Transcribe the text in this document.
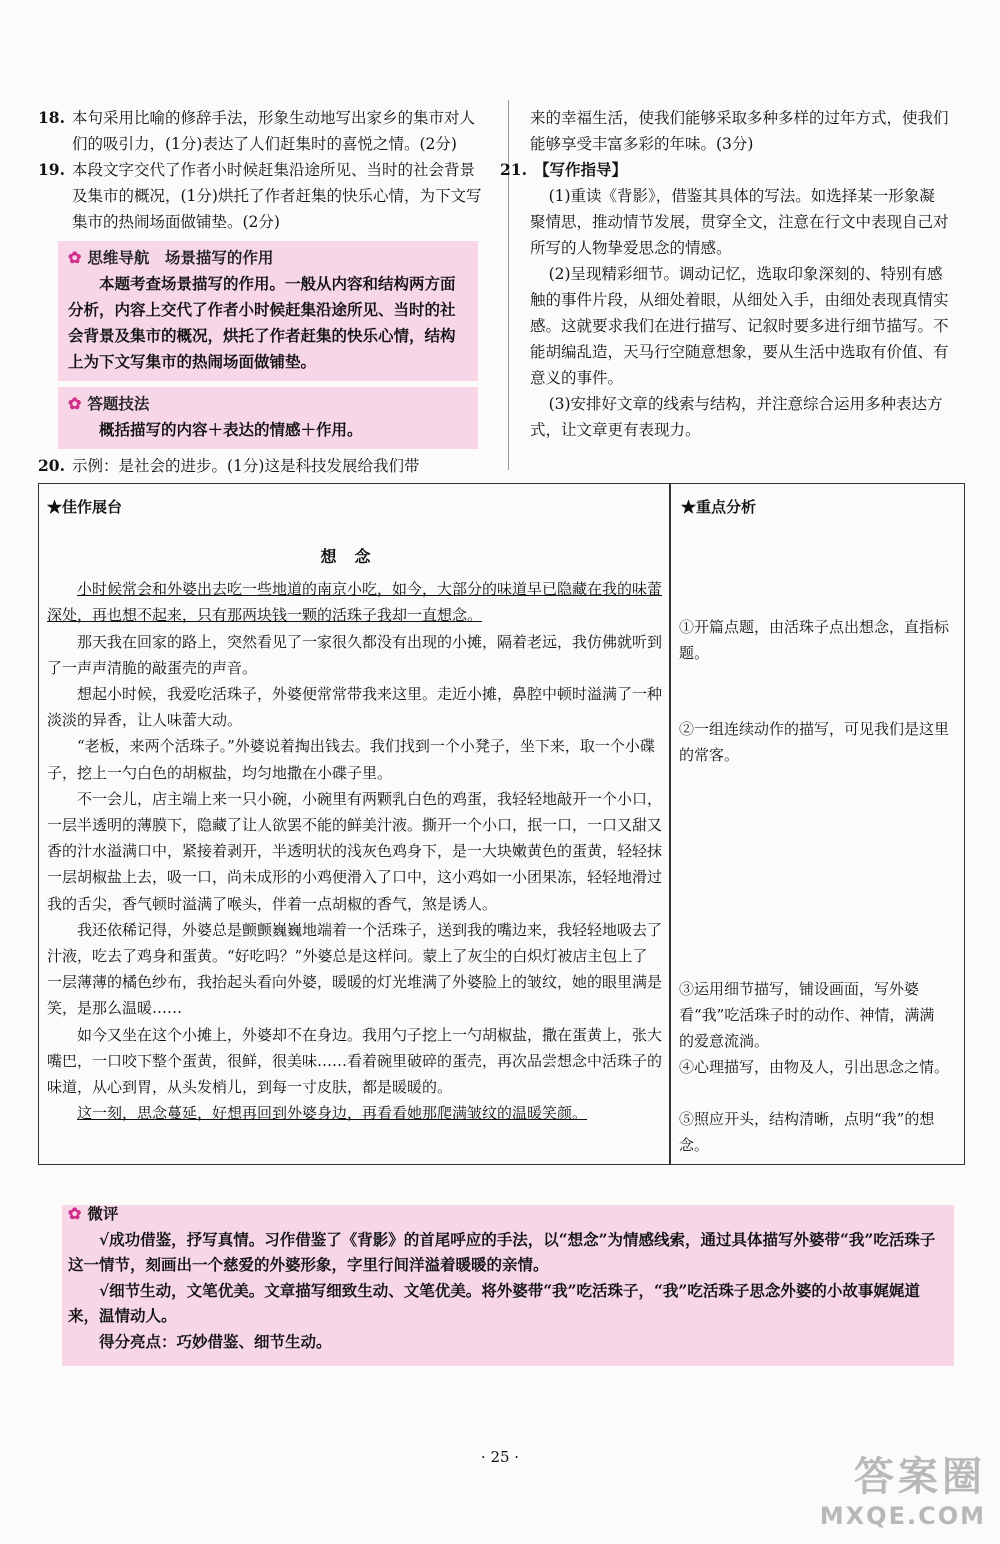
18. 本句采用比喻的修辞手法，形象生动地写出家乡的集市对人们的吸引力，(1分)表达了人们赶集时的喜悦之情。(2分)
19. 本段文字交代了作者小时候赶集沿途所见、当时的社会背景及集市的概况，(1分)烘托了作者赶集的快乐心情，为下文写集市的热闹场面做铺垫。(2分)
✿ 思维导航　场景描写的作用
本题考查场景描写的作用。一般从内容和结构两方面分析，内容上交代了作者小时候赶集沿途所见、当时的社会背景及集市的概况，烘托了作者赶集的快乐心情，结构上为下文写集市的热闹场面做铺垫。
✿ 答题技法
概括描写的内容＋表达的情感＋作用。
20. 示例：是社会的进步。(1分)这是科技发展给我们带

来的幸福生活，使我们能够采取多种多样的过年方式，使我们能够享受丰富多彩的年味。(3分)

21. 【写作指导】

(1)重读《背影》，借鉴其具体的写法。如选择某一形象凝聚情思，推动情节发展，贯穿全文，注意在行文中表现自己对所写的人物挚爱思念的情感。

(2)呈现精彩细节。调动记忆，选取印象深刻的、特别有感触的事件片段，从细处着眼，从细处入手，由细处表现真情实感。这就要求我们在进行描写、记叙时要多进行细节描写。不能胡编乱造，天马行空随意想象，要从生活中选取有价值、有意义的事件。

(3)安排好文章的线索与结构，并注意综合运用多种表达方式，让文章更有表现力。

★佳作展台	★重点分析
想念

小时候常会和外婆出去吃一些地道的南京小吃，如今，大部分的味道早已隐藏在我的味蕾深处，再也想不起来，只有那两块钱一颗的活珠子我却一直想念。

那天我在回家的路上，突然看见了一家很久都没有出现的小摊，隔着老远，我仿佛就听到了一声声清脆的敲蛋壳的声音。

想起小时候，我爱吃活珠子，外婆便常常带我来这里。走近小摊，鼻腔中顿时溢满了一种淡淡的异香，让人味蕾大动。

“老板，来两个活珠子。”外婆说着掏出钱去。我们找到一个小凳子，坐下来，取一个小碟子，挖上一勺白色的胡椒盐，均匀地撒在小碟子里。

不一会儿，店主端上来一只小碗，小碗里有两颗乳白色的鸡蛋，我轻轻地敲开一个小口，一层半透明的薄膜下，隐藏了让人欲罢不能的鲜美汁液。撕开一个小口，抿一口，一口又甜又香的汁水溢满口中，紧接着剥开，半透明状的浅灰色鸡身下，是一大块嫩黄色的蛋黄，轻轻抹一层胡椒盐上去，吸一口，尚未成形的小鸡便滑入了口中，这小鸡如一小团果冻，轻轻地滑过我的舌尖，香气顿时溢满了喉头，伴着一点胡椒的香气，煞是诱人。

我还依稀记得，外婆总是颤颤巍巍地端着一个活珠子，送到我的嘴边来，我轻轻地吸去了汁液，吃去了鸡身和蛋黄。“好吃吗？”外婆总是这样问。蒙上了灰尘的白炽灯被店主包上了一层薄薄的橘色纱布，我抬起头看向外婆，暖暖的灯光堆满了外婆脸上的皱纹，她的眼里满是笑，是那么温暖……

如今又坐在这个小摊上，外婆却不在身边。我用勺子挖上一勺胡椒盐，撒在蛋黄上，张大嘴巴，一口咬下整个蛋黄，很鲜，很美味……看着碗里破碎的蛋壳，再次品尝想念中活珠子的味道，从心到胃，从头发梢儿，到每一寸皮肤，都是暖暖的。

这一刻，思念蔓延，好想再回到外婆身边，再看看她那爬满皱纹的温暖笑颜。

①开篇点题，由活珠子点出想念，直指标题。
②一组连续动作的描写，可见我们是这里的常客。
③运用细节描写，铺设画面，写外婆看“我”吃活珠子时的动作、神情，满满的爱意流淌。
④心理描写，由物及人，引出思念之情。
⑤照应开头，结构清晰，点明“我”的想念。
✿ 微评

√成功借鉴，抒写真情。习作借鉴了《背影》的首尾呼应的手法，以“想念”为情感线索，通过具体描写外婆带“我”吃活珠子这一情节，刻画出一个慈爱的外婆形象，字里行间洋溢着暖暖的亲情。

√细节生动，文笔优美。文章描写细致生动、文笔优美。将外婆带“我”吃活珠子，“我”吃活珠子思念外婆的小故事娓娓道来，温情动人。

得分亮点：巧妙借鉴、细节生动。

· 25 ·	答案圈
MXQE.COM
